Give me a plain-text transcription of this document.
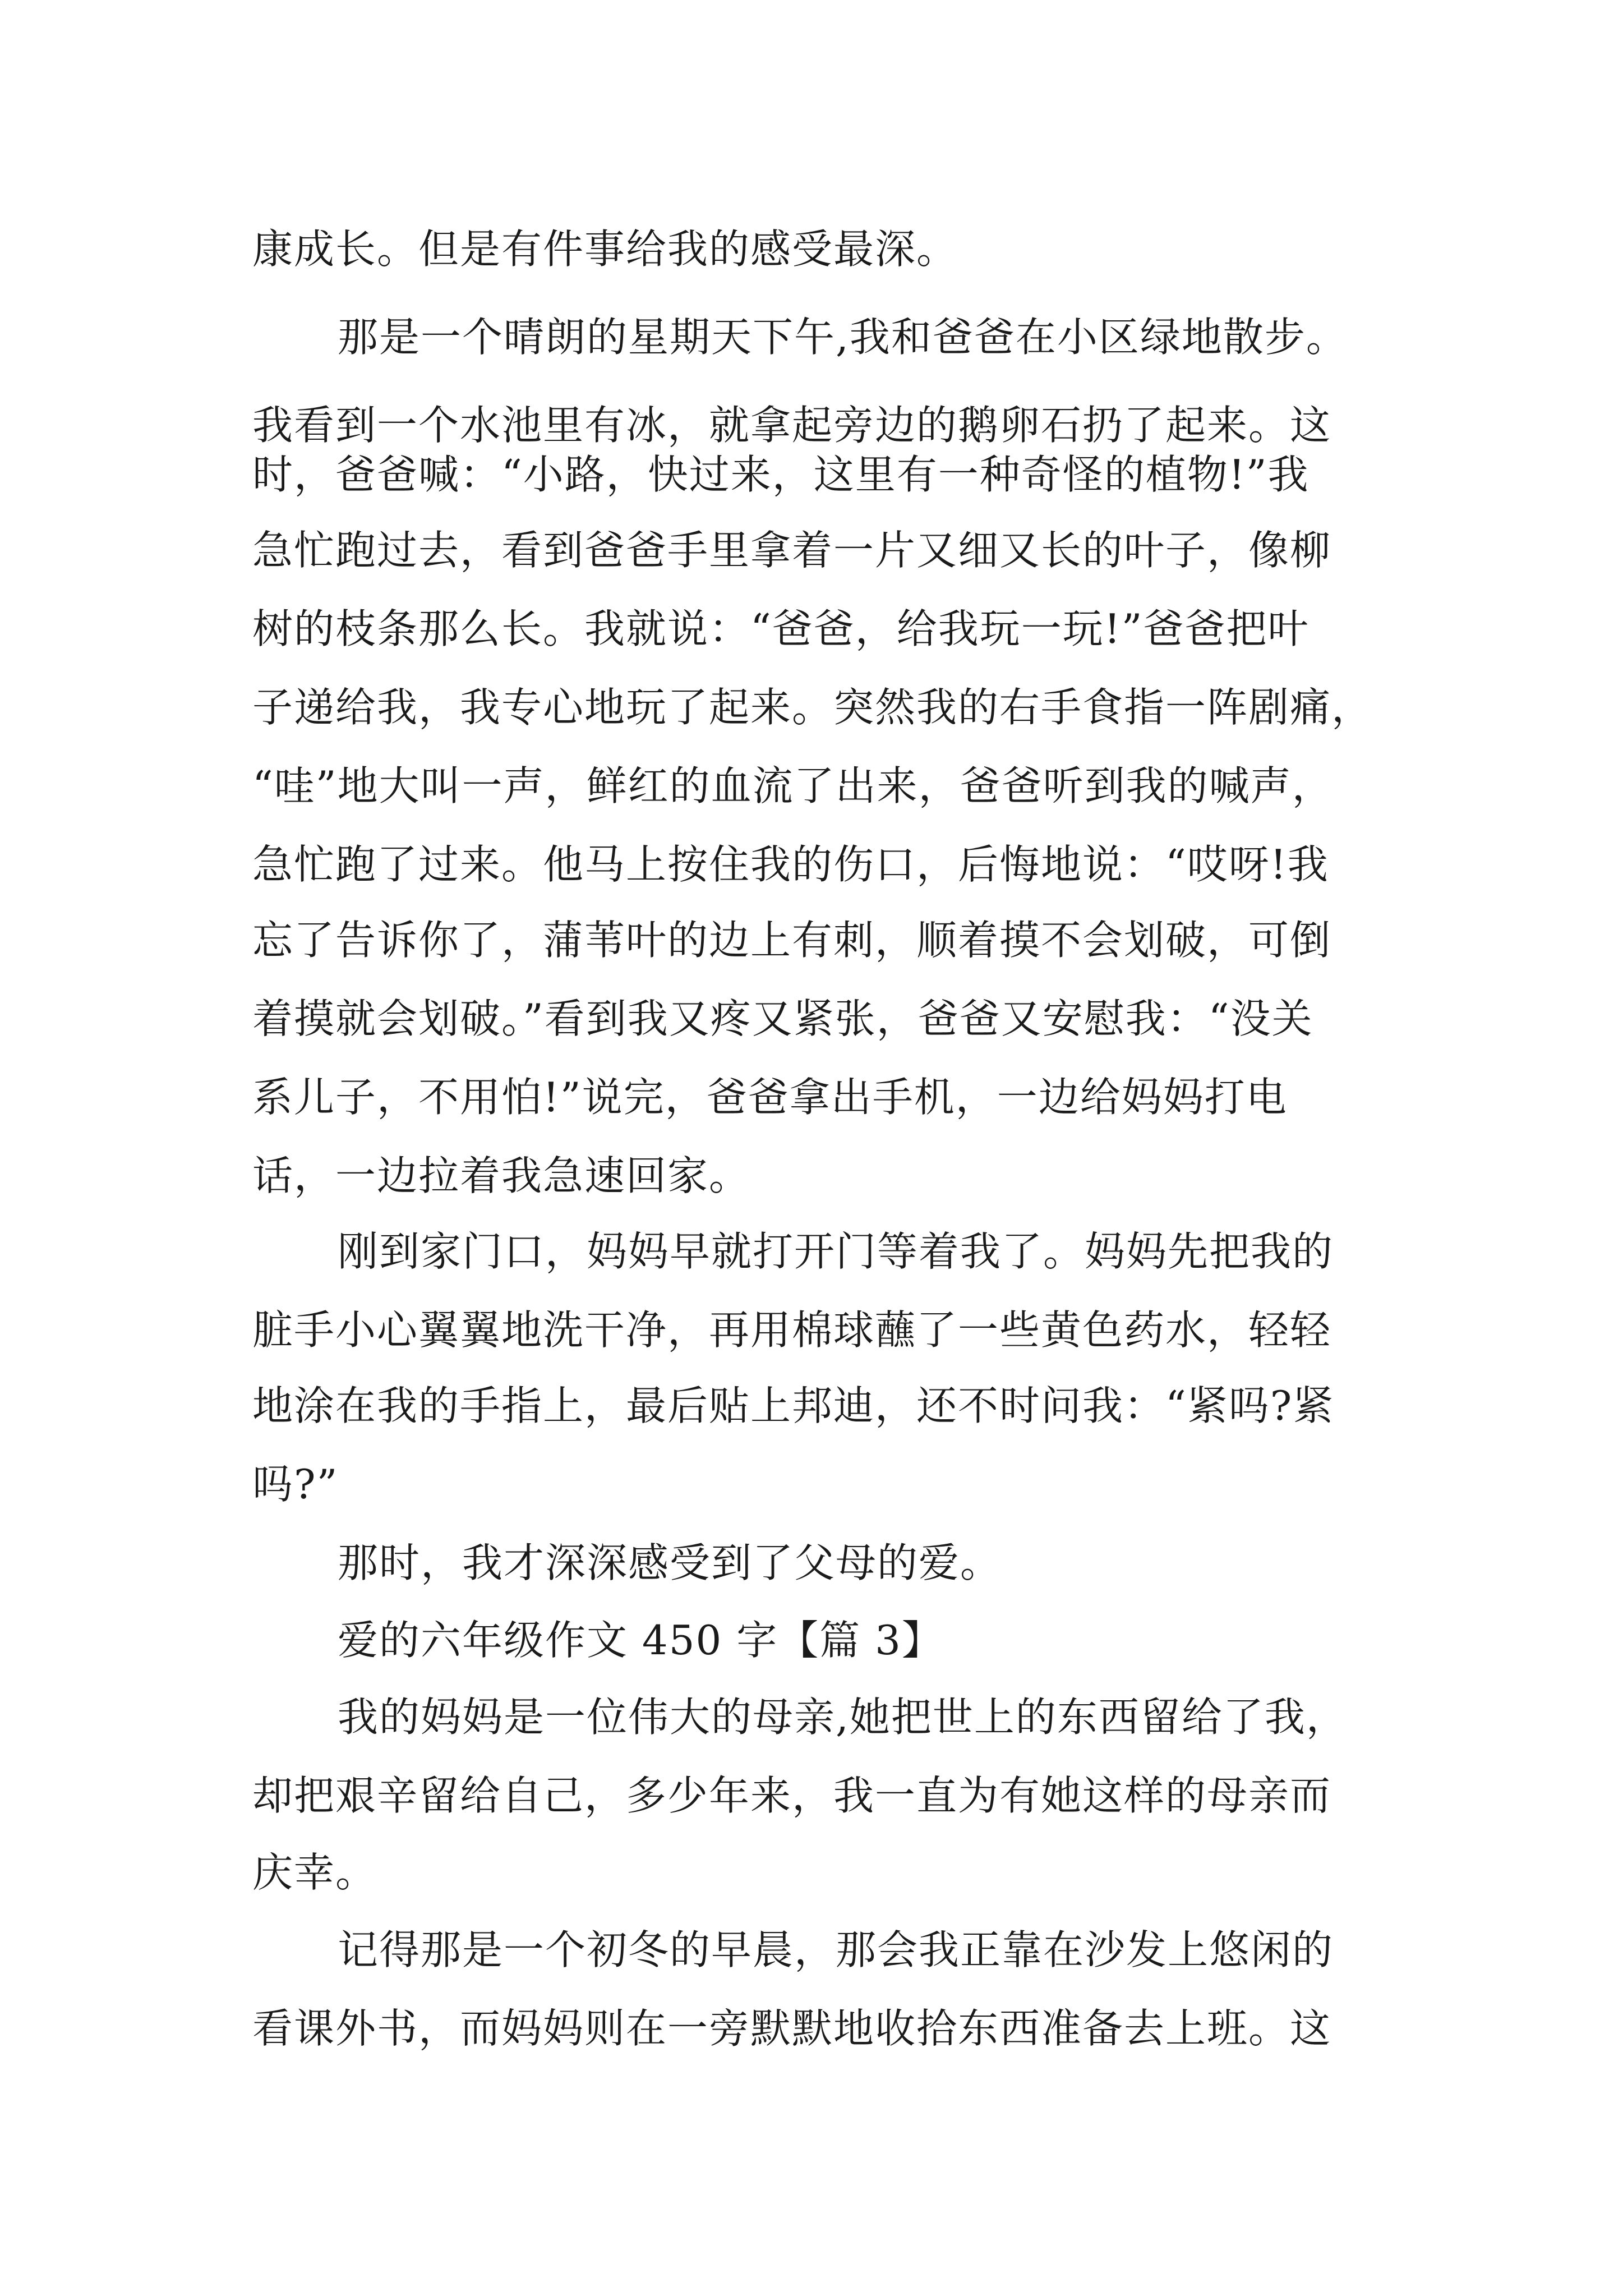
康成长。但是有件事给我的感受最深。
那是一个晴朗的星期天下午,我和爸爸在小区绿地散步。
我看到一个水池里有冰，就拿起旁边的鹅卵石扔了起来。这
时，爸爸喊：“小路，快过来，这里有一种奇怪的植物!”我
急忙跑过去，看到爸爸手里拿着一片又细又长的叶子，像柳
树的枝条那么长。我就说：“爸爸，给我玩一玩!”爸爸把叶
子递给我，我专心地玩了起来。突然我的右手食指一阵剧痛，
“哇”地大叫一声，鲜红的血流了出来，爸爸听到我的喊声，
急忙跑了过来。他马上按住我的伤口，后悔地说：“哎呀!我
忘了告诉你了，蒲苇叶的边上有刺，顺着摸不会划破，可倒
着摸就会划破。”看到我又疼又紧张，爸爸又安慰我：“没关
系儿子，不用怕!”说完，爸爸拿出手机，一边给妈妈打电
话，一边拉着我急速回家。
刚到家门口，妈妈早就打开门等着我了。妈妈先把我的
脏手小心翼翼地洗干净，再用棉球蘸了一些黄色药水，轻轻
地涂在我的手指上，最后贴上邦迪，还不时问我：“紧吗?紧
吗?”
那时，我才深深感受到了父母的爱。
爱的六年级作文 450 字【篇 3】
我的妈妈是一位伟大的母亲,她把世上的东西留给了我，
却把艰辛留给自己，多少年来，我一直为有她这样的母亲而
庆幸。
记得那是一个初冬的早晨，那会我正靠在沙发上悠闲的
看课外书，而妈妈则在一旁默默地收拾东西准备去上班。这
